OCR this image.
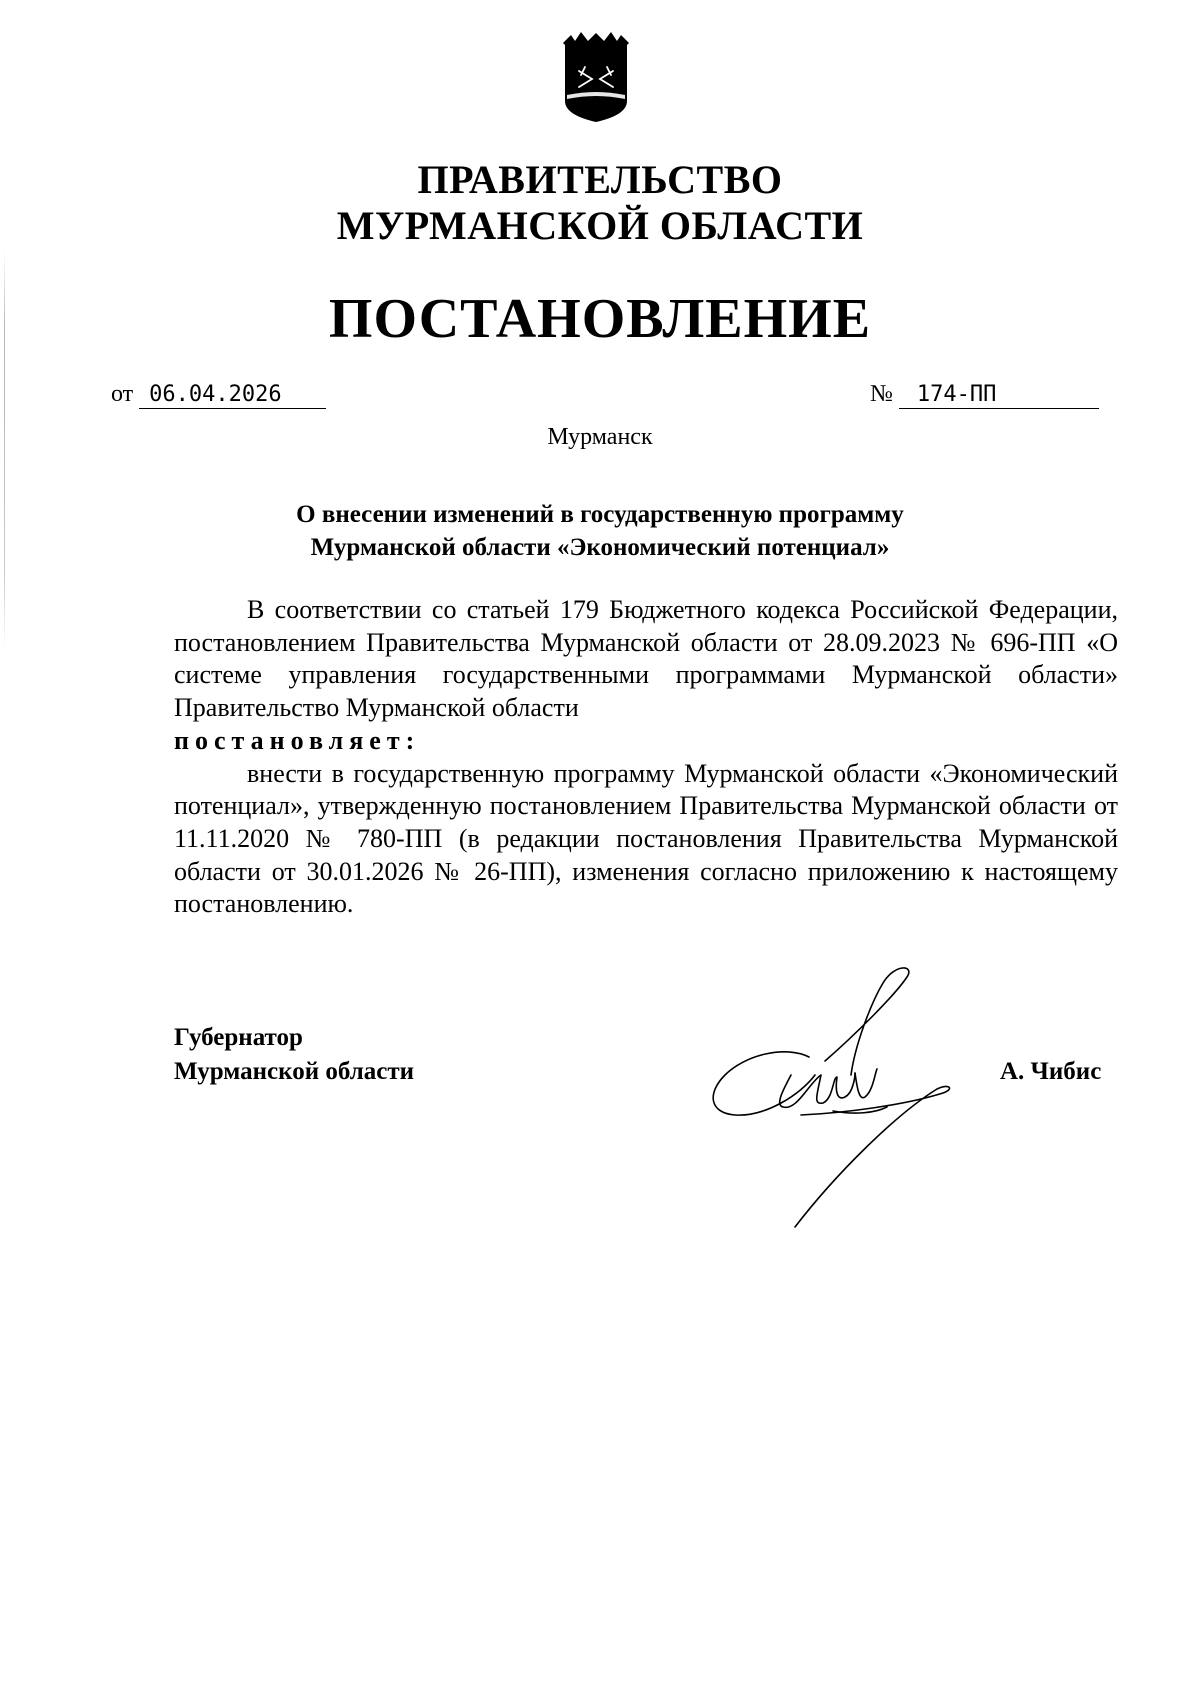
ПРАВИТЕЛЬСТВО
МУРМАНСКОЙ ОБЛАСТИ
ПОСТАНОВЛЕНИЕ
от 06.04.2026	№ 174-ПП
Мурманск
О внесении изменений в государственную программу
Мурманской области «Экономический потенциал»

В соответствии со статьей 179 Бюджетного кодекса Российской Федерации, постановлением Правительства Мурманской области от 28.09.2023 № 696-ПП «О системе управления государственными программами Мурманской области» Правительство Мурманской области

постановляет:

внести в государственную программу Мурманской области «Экономический потенциал», утвержденную постановлением Правительства Мурманской области от 11.11.2020 № 780-ПП (в редакции постановления Правительства Мурманской области от 30.01.2026 № 26-ПП), изменения согласно приложению к настоящему постановлению.

Губернатор
Мурманской области	А. Чибис
